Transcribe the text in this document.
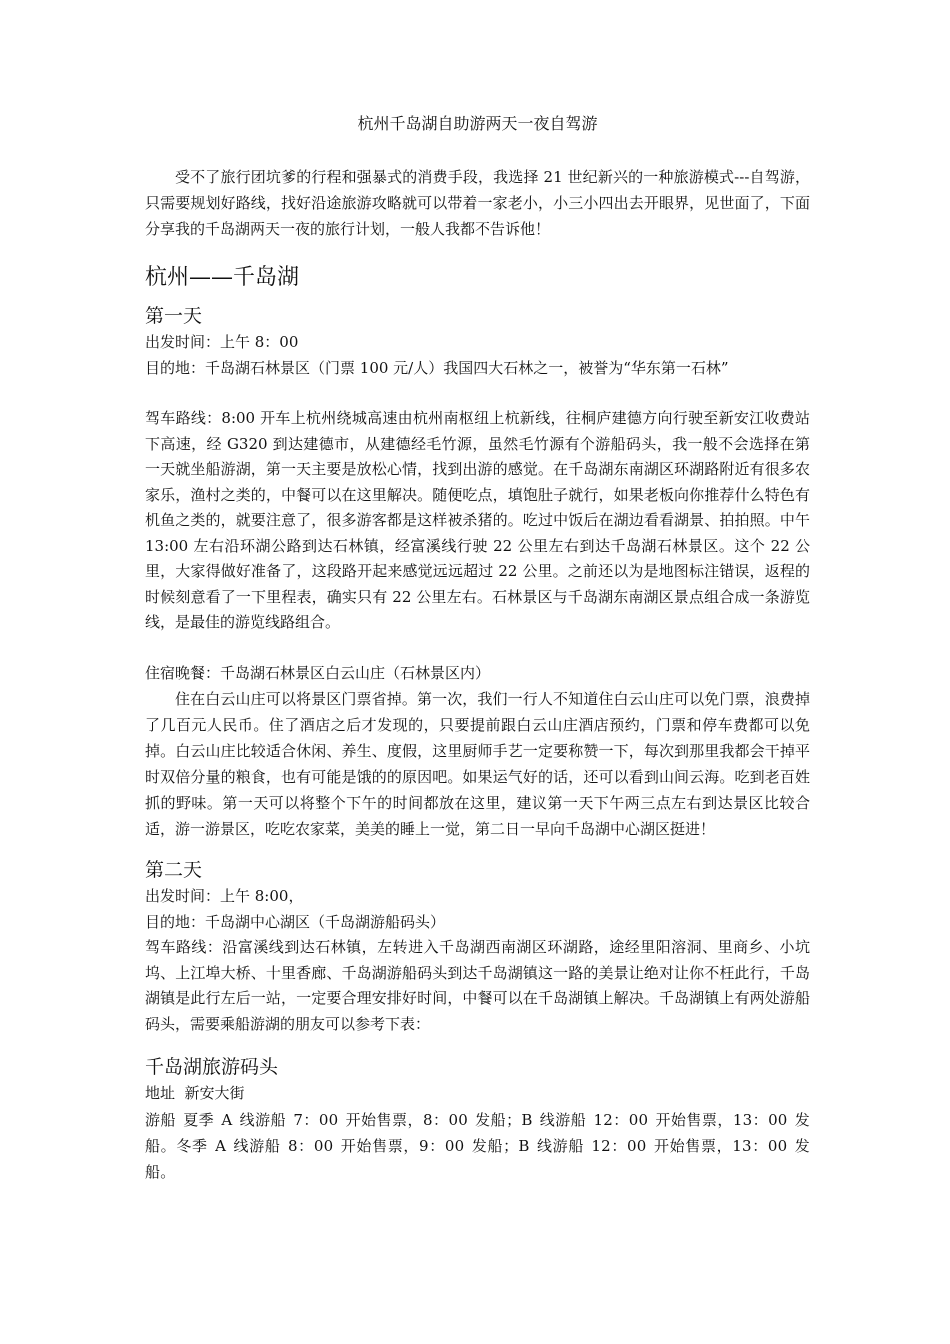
杭州千岛湖自助游两天一夜自驾游

受不了旅行团坑爹的行程和强暴式的消费手段，我选择 21 世纪新兴的一种旅游模式---自驾游，只需要规划好路线，找好沿途旅游攻略就可以带着一家老小，小三小四出去开眼界，见世面了，下面分享我的千岛湖两天一夜的旅行计划，一般人我都不告诉他！

杭州——千岛湖
第一天

出发时间：上午 8：00

目的地：千岛湖石林景区（门票 100 元/人）我国四大石林之一，被誉为“华东第一石林”

驾车路线：8:00 开车上杭州绕城高速由杭州南枢纽上杭新线，往桐庐建德方向行驶至新安江收费站下高速，经 G320 到达建德市，从建德经毛竹源，虽然毛竹源有个游船码头，我一般不会选择在第一天就坐船游湖，第一天主要是放松心情，找到出游的感觉。在千岛湖东南湖区环湖路附近有很多农家乐，渔村之类的，中餐可以在这里解决。随便吃点，填饱肚子就行，如果老板向你推荐什么特色有机鱼之类的，就要注意了，很多游客都是这样被杀猪的。吃过中饭后在湖边看看湖景、拍拍照。中午 13:00 左右沿环湖公路到达石林镇，经富溪线行驶 22 公里左右到达千岛湖石林景区。这个 22 公里，大家得做好准备了，这段路开起来感觉远远超过 22 公里。之前还以为是地图标注错误，返程的时候刻意看了一下里程表，确实只有 22 公里左右。石林景区与千岛湖东南湖区景点组合成一条游览线，是最佳的游览线路组合。

住宿晚餐：千岛湖石林景区白云山庄（石林景区内）

住在白云山庄可以将景区门票省掉。第一次，我们一行人不知道住白云山庄可以免门票，浪费掉了几百元人民币。住了酒店之后才发现的，只要提前跟白云山庄酒店预约，门票和停车费都可以免掉。白云山庄比较适合休闲、养生、度假，这里厨师手艺一定要称赞一下，每次到那里我都会干掉平时双倍分量的粮食，也有可能是饿的的原因吧。如果运气好的话，还可以看到山间云海。吃到老百姓抓的野味。第一天可以将整个下午的时间都放在这里，建议第一天下午两三点左右到达景区比较合适，游一游景区，吃吃农家菜，美美的睡上一觉，第二日一早向千岛湖中心湖区挺进！

第二天

出发时间：上午 8:00，

目的地：千岛湖中心湖区（千岛湖游船码头）

驾车路线：沿富溪线到达石林镇，左转进入千岛湖西南湖区环湖路，途经里阳溶洞、里商乡、小坑坞、上江埠大桥、十里香廊、千岛湖游船码头到达千岛湖镇这一路的美景让绝对让你不枉此行，千岛湖镇是此行左后一站，一定要合理安排好时间，中餐可以在千岛湖镇上解决。千岛湖镇上有两处游船码头，需要乘船游湖的朋友可以参考下表：

千岛湖旅游码头

地址  新安大街

游船 夏季 A 线游船 7：00 开始售票，8：00 发船；B 线游船 12：00 开始售票，13：00 发船。冬季 A 线游船 8：00 开始售票，9：00 发船；B 线游船 12：00 开始售票，13：00 发船。
